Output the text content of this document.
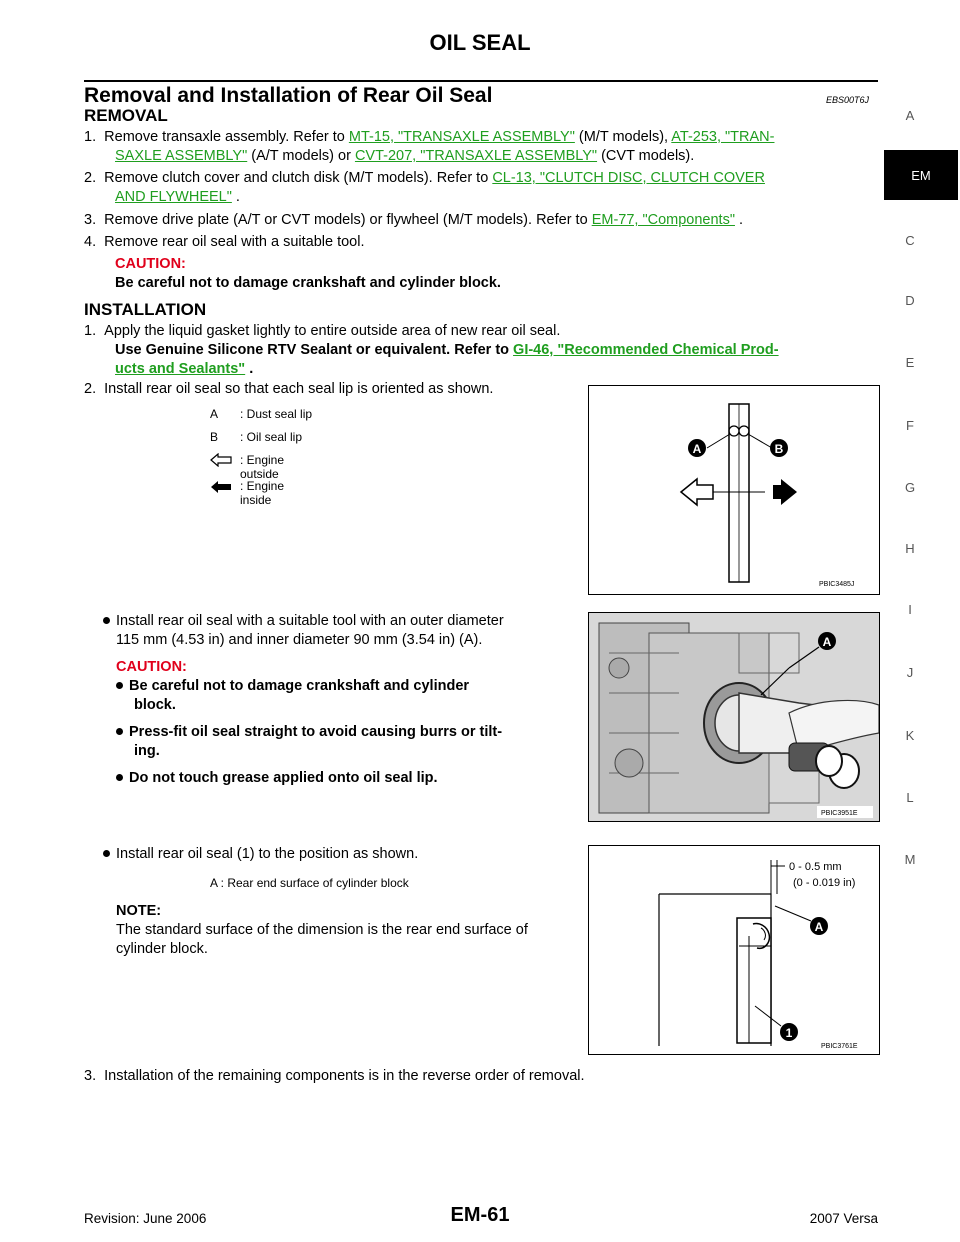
OIL SEAL
Removal and Installation of Rear Oil Seal	EBS00T6J
REMOVAL
1. Remove transaxle assembly. Refer to MT-15, "TRANSAXLE ASSEMBLY" (M/T models), AT-253, "TRAN-
SAXLE ASSEMBLY" (A/T models) or CVT-207, "TRANSAXLE ASSEMBLY" (CVT models).
2. Remove clutch cover and clutch disk (M/T models). Refer to CL-13, "CLUTCH DISC, CLUTCH COVER
AND FLYWHEEL" .
3. Remove drive plate (A/T or CVT models) or flywheel (M/T models). Refer to EM-77, "Components" .
4. Remove rear oil seal with a suitable tool.
CAUTION:
Be careful not to damage crankshaft and cylinder block.
INSTALLATION
1. Apply the liquid gasket lightly to entire outside area of new rear oil seal.
Use Genuine Silicone RTV Sealant or equivalent. Refer to GI-46, "Recommended Chemical Prod-
ucts and Sealants" .
2. Install rear oil seal so that each seal lip is oriented as shown.
A : Dust seal lip
B : Oil seal lip
: Engine outside
: Engine inside
A	B
PBIC3485J
Install rear oil seal with a suitable tool with an outer diameter
115 mm (4.53 in) and inner diameter 90 mm (3.54 in) (A).
CAUTION:
Be careful not to damage crankshaft and cylinder
block.
Press-fit oil seal straight to avoid causing burrs or tilt-
ing.
Do not touch grease applied onto oil seal lip.
A
PBIC3951E
Install rear oil seal (1) to the position as shown.
A : Rear end surface of cylinder block
NOTE:
The standard surface of the dimension is the rear end surface of
cylinder block.
0 - 0.5 mm
(0 - 0.019 in)
A
1
PBIC3761E
3. Installation of the remaining components is in the reverse order of removal.
A
EM
C
D
E
F
G
H
I
J
K
L
M
Revision: June 2006	EM-61	2007 Versa
